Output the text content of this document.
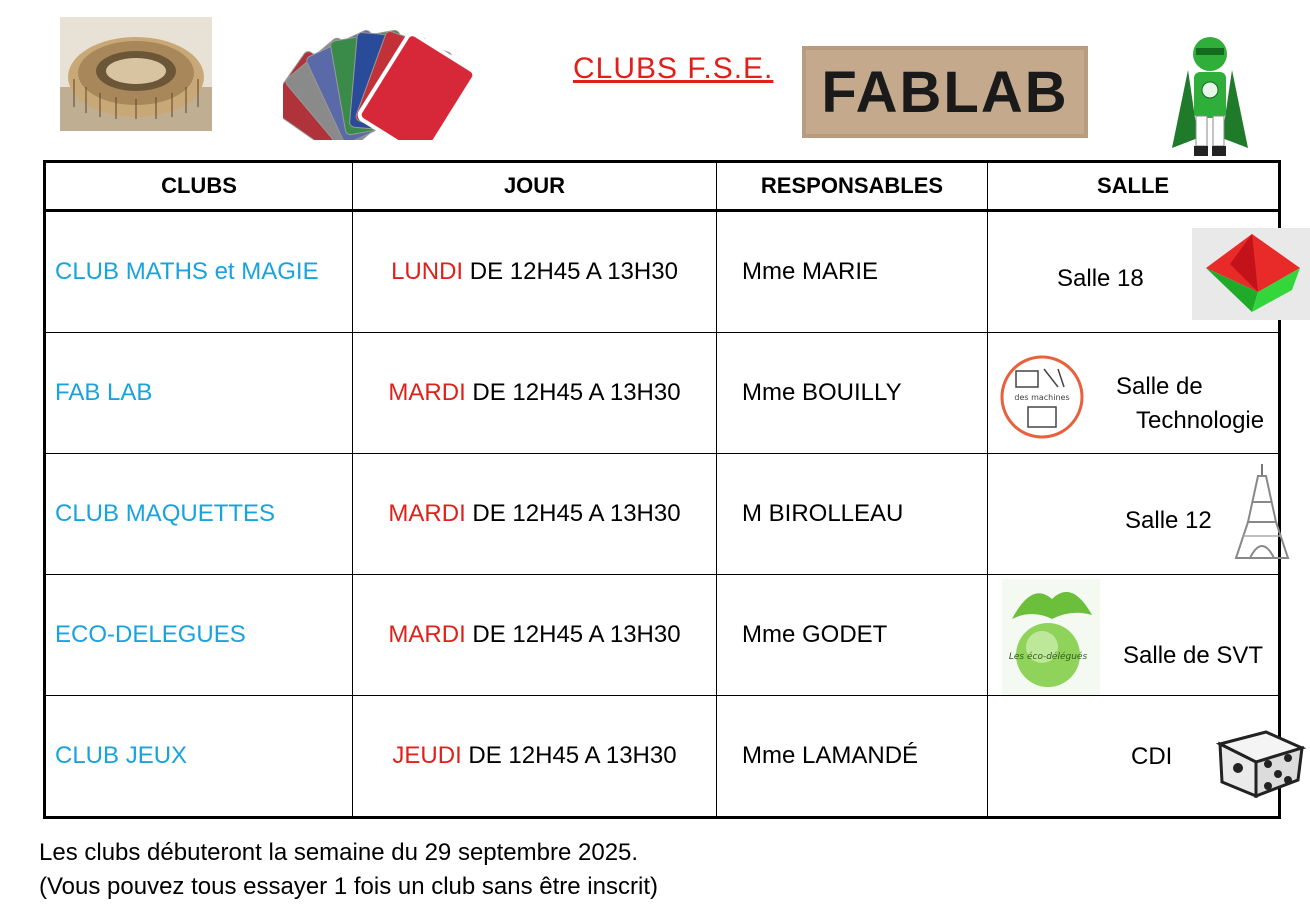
CLUBS F.S.E. FABLAB
CLUBS	JOUR	RESPONSABLES	SALLE
CLUB MATHS et MAGIE	LUNDI DE 12H45 A 13H30	Mme MARIE	Salle 18

FAB LAB	MARDI DE 12H45 A 13H30	Mme BOUILLY	des machines Salle de
Technologie

CLUB MAQUETTES	MARDI DE 12H45 A 13H30	M BIROLLEAU	Salle 12

ECO-DELEGUES	MARDI DE 12H45 A 13H30	Mme GODET	Les éco-délégués Salle de SVT

CLUB JEUX	JEUDI DE 12H45 A 13H30	Mme LAMANDÉ	CDI
Les clubs débuteront la semaine du 29 septembre 2025.
(Vous pouvez tous essayer 1 fois un club sans être inscrit)
